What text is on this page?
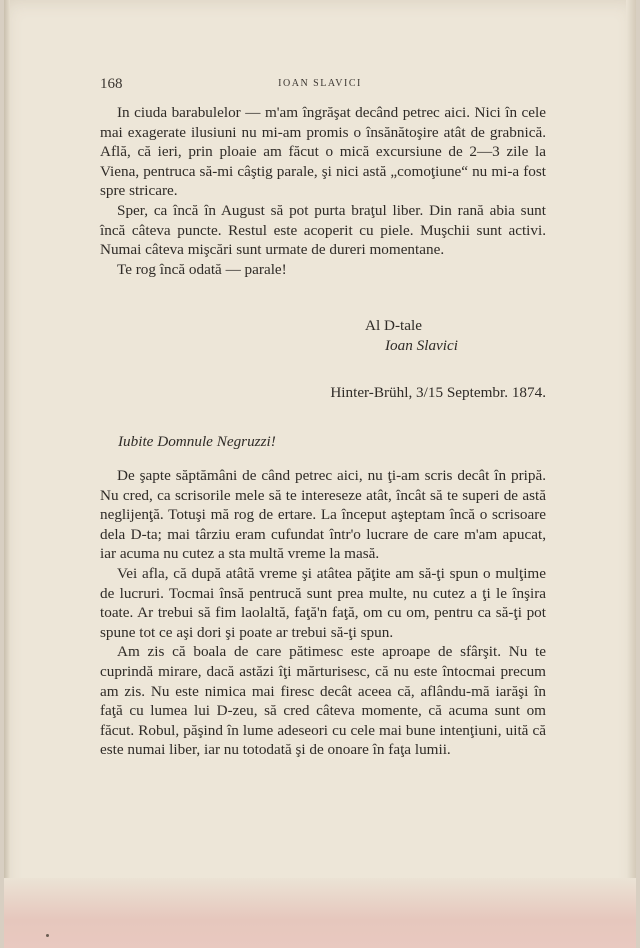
168	IOAN SLAVICI

In ciuda barabulelor — m'am îngrăşat decând petrec aici. Nici în cele mai exagerate ilusiuni nu mi-am promis o însănătoşire atât de grabnică. Află, că ieri, prin ploaie am făcut o mică excursiune de 2—3 zile la Viena, pentruca să-mi câştig parale, şi nici astă „comoţiune“ nu mi-a fost spre stricare.

Sper, ca încă în August să pot purta braţul liber. Din rană abia sunt încă câteva puncte. Restul este acoperit cu piele. Muşchii sunt activi. Numai câteva mişcări sunt urmate de dureri momentane.

Te rog încă odată — parale!

Al D-tale
Ioan Slavici
Hinter-Brühl, 3/15 Septembr. 1874.
Iubite Domnule Negruzzi!

De şapte săptămâni de când petrec aici, nu ţi-am scris decât în pripă. Nu cred, ca scrisorile mele să te intereseze atât, încât să te superi de astă neglijenţă. Totuşi mă rog de ertare. La început aşteptam încă o scrisoare dela D-ta; mai târziu eram cufundat într'o lucrare de care m'am apucat, iar acuma nu cutez a sta multă vreme la masă.

Vei afla, că după atâtă vreme şi atâtea păţite am să-ţi spun o mulţime de lucruri. Tocmai însă pentrucă sunt prea multe, nu cutez a ţi le înşira toate. Ar trebui să fim laolaltă, faţă'n faţă, om cu om, pentru ca să-ţi pot spune tot ce aşi dori şi poate ar trebui să-ţi spun.

Am zis că boala de care pătimesc este aproape de sfârşit. Nu te cuprindă mirare, dacă astăzi îţi mărturisesc, că nu este întocmai precum am zis. Nu este nimica mai firesc decât aceea că, aflându-mă iarăşi în faţă cu lumea lui D-zeu, să cred câteva momente, că acuma sunt om făcut. Robul, păşind în lume adeseori cu cele mai bune intenţiuni, uită că este numai liber, iar nu totodată şi de onoare în faţa lumii.
